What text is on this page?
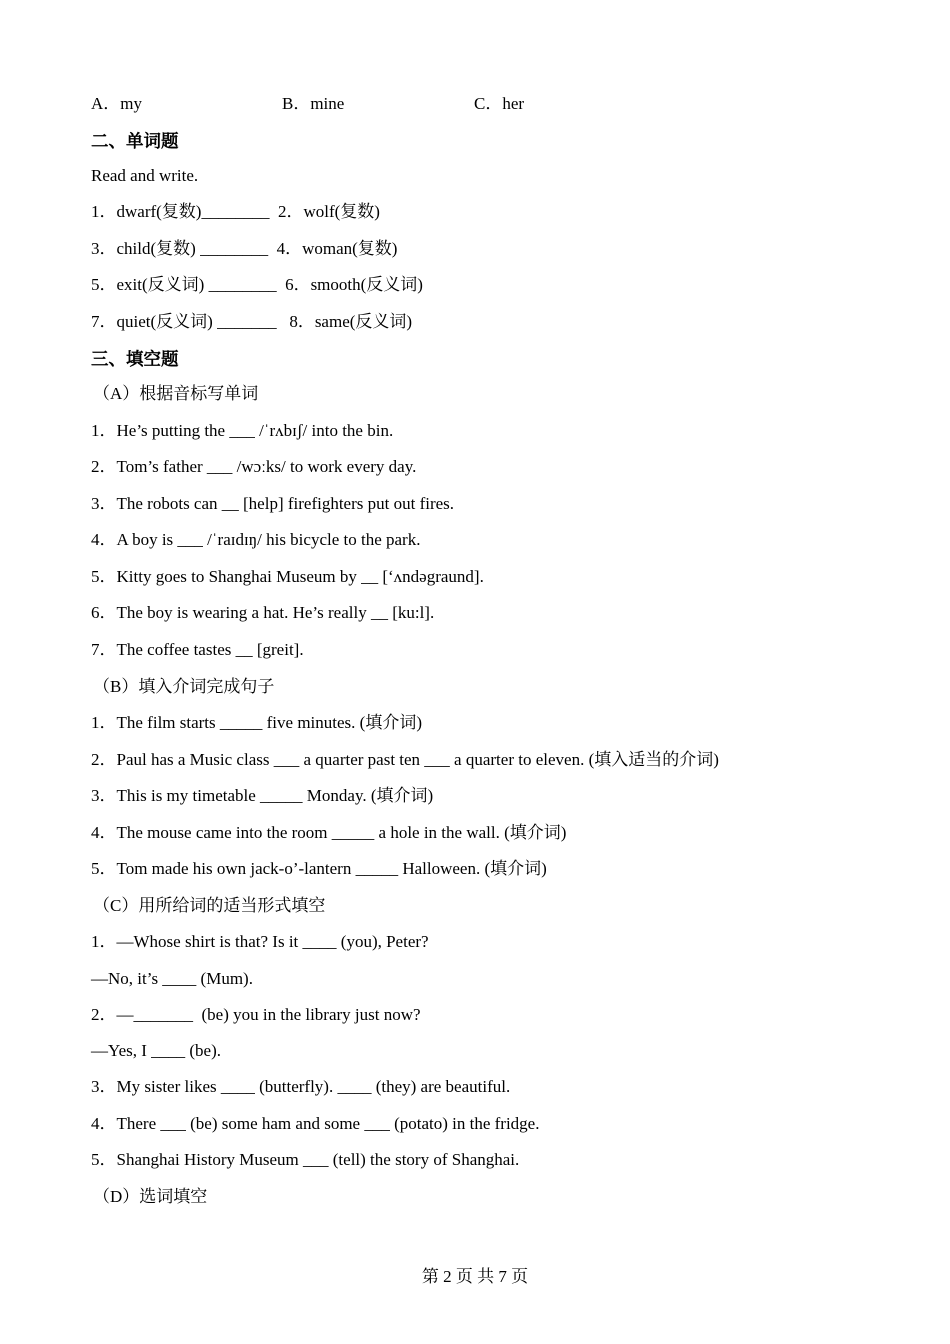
A．my	B．mine	C．her
二、单词题
Read and write.
1．dwarf(复数)________  2．wolf(复数)
3．child(复数) ________  4．woman(复数)
5．exit(反义词) ________  6．smooth(反义词)
7．quiet(反义词) _______   8．same(反义词)
三、填空题
（A）根据音标写单词
1．He’s putting the ___ /ˈrʌbɪʃ/ into the bin.
2．Tom’s father ___ /wɔːks/ to work every day.
3．The robots can __ [help] firefighters put out fires.
4．A boy is ___ /ˈraɪdɪŋ/ his bicycle to the park.
5．Kitty goes to Shanghai Museum by __ [‘ʌndəgraund].
6．The boy is wearing a hat. He’s really __ [ku:l].
7．The coffee tastes __ [greit].
（B）填入介词完成句子
1．The film starts _____ five minutes. (填介词)
2．Paul has a Music class ___ a quarter past ten ___ a quarter to eleven. (填入适当的介词)
3．This is my timetable _____ Monday. (填介词)
4．The mouse came into the room _____ a hole in the wall. (填介词)
5．Tom made his own jack-o’-lantern _____ Halloween. (填介词)
（C）用所给词的适当形式填空
1．—Whose shirt is that? Is it ____ (you), Peter?
—No, it’s ____ (Mum).
2．—_______  (be) you in the library just now?
—Yes, I ____ (be).
3．My sister likes ____ (butterfly). ____ (they) are beautiful.
4．There ___ (be) some ham and some ___ (potato) in the fridge.
5．Shanghai History Museum ___ (tell) the story of Shanghai.
（D）选词填空
第 2 页 共 7 页
